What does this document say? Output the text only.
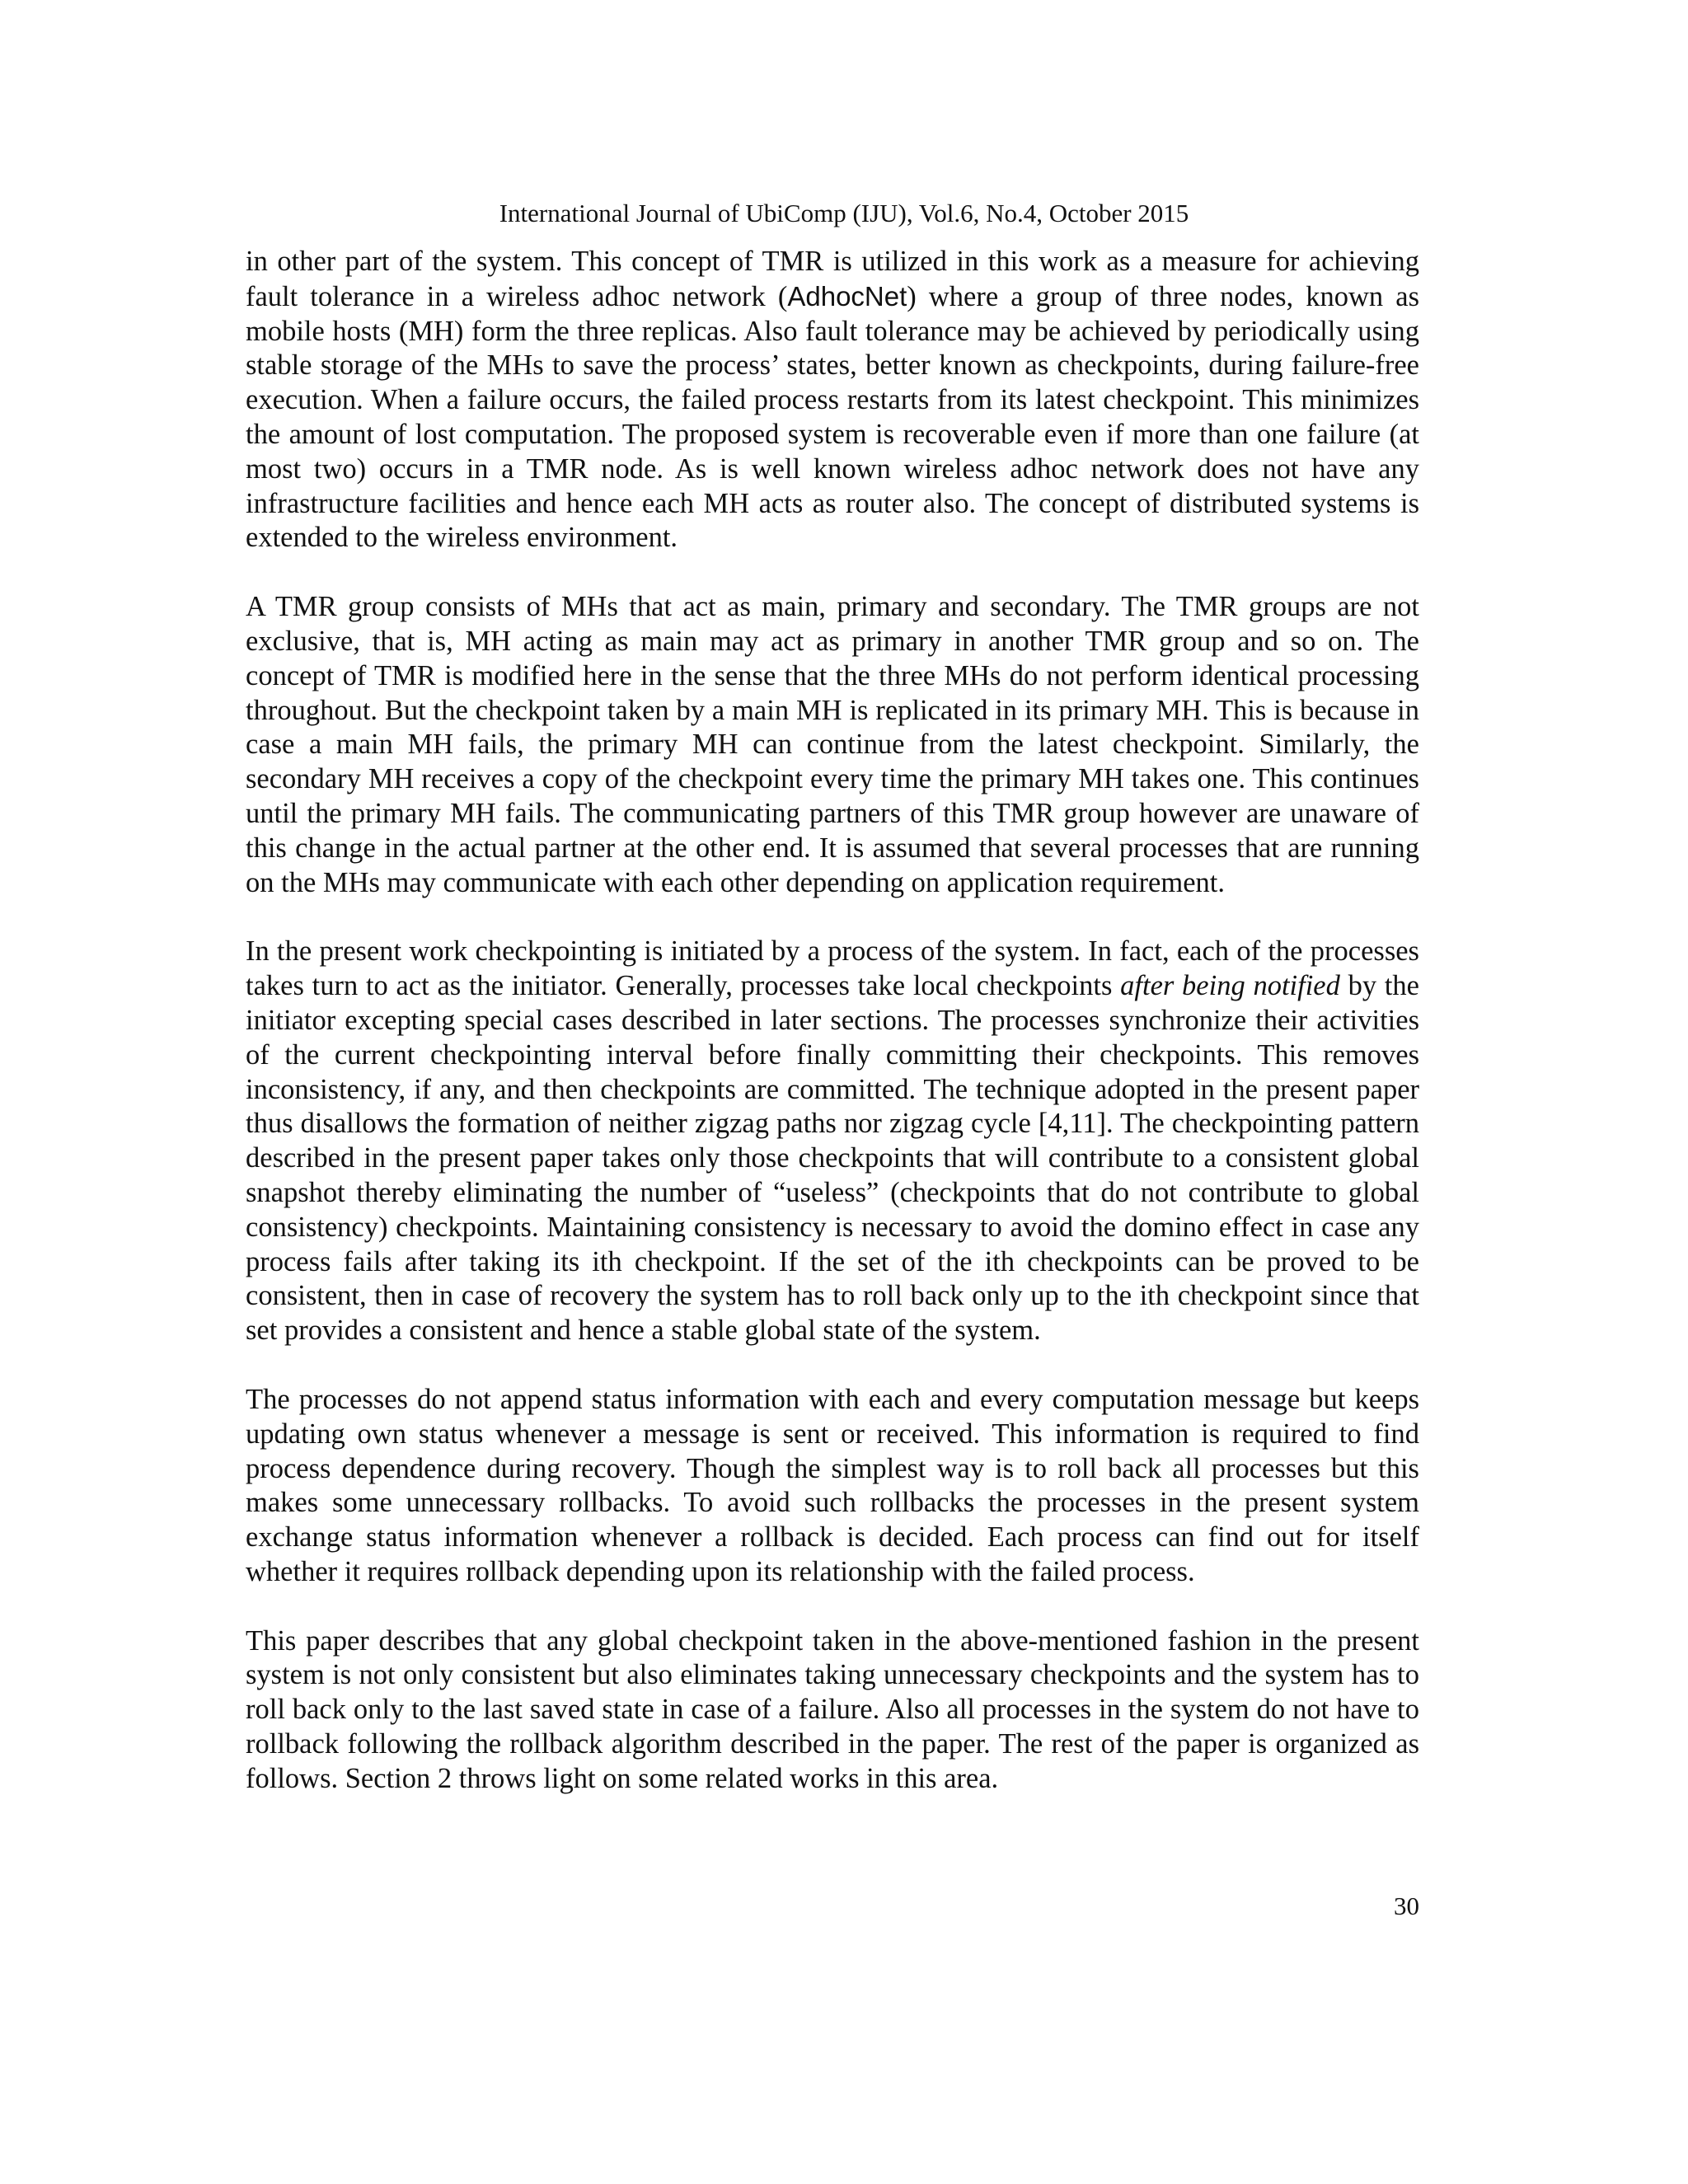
International Journal of UbiComp (IJU), Vol.6, No.4, October 2015

in other part of the system. This concept of TMR is utilized in this work as a measure for achieving fault tolerance in a wireless adhoc network (AdhocNet) where a group of three nodes, known as mobile hosts (MH) form the three replicas. Also fault tolerance may be achieved by periodically using stable storage of the MHs to save the process’ states, better known as checkpoints, during failure-free execution. When a failure occurs, the failed process restarts from its latest checkpoint. This minimizes the amount of lost computation. The proposed system is recoverable even if more than one failure (at most two) occurs in a TMR node. As is well known wireless adhoc network does not have any infrastructure facilities and hence each MH acts as router also. The concept of distributed systems is extended to the wireless environment.

A TMR group consists of MHs that act as main, primary and secondary. The TMR groups are not exclusive, that is, MH acting as main may act as primary in another TMR group and so on. The concept of TMR is modified here in the sense that the three MHs do not perform identical processing throughout. But the checkpoint taken by a main MH is replicated in its primary MH. This is because in case a main MH fails, the primary MH can continue from the latest checkpoint. Similarly, the secondary MH receives a copy of the checkpoint every time the primary MH takes one. This continues until the primary MH fails. The communicating partners of this TMR group however are unaware of this change in the actual partner at the other end. It is assumed that several processes that are running on the MHs may communicate with each other depending on application requirement.

In the present work checkpointing is initiated by a process of the system. In fact, each of the processes takes turn to act as the initiator. Generally, processes take local checkpoints after being notified by the initiator excepting special cases described in later sections. The processes synchronize their activities of the current checkpointing interval before finally committing their checkpoints. This removes inconsistency, if any, and then checkpoints are committed. The technique adopted in the present paper thus disallows the formation of neither zigzag paths nor zigzag cycle [4,11]. The checkpointing pattern described in the present paper takes only those checkpoints that will contribute to a consistent global snapshot thereby eliminating the number of “useless” (checkpoints that do not contribute to global consistency) checkpoints. Maintaining consistency is necessary to avoid the domino effect in case any process fails after taking its ith checkpoint. If the set of the ith checkpoints can be proved to be consistent, then in case of recovery the system has to roll back only up to the ith checkpoint since that set provides a consistent and hence a stable global state of the system.

The processes do not append status information with each and every computation message but keeps updating own status whenever a message is sent or received. This information is required to find process dependence during recovery. Though the simplest way is to roll back all processes but this makes some unnecessary rollbacks. To avoid such rollbacks the processes in the present system exchange status information whenever a rollback is decided. Each process can find out for itself whether it requires rollback depending upon its relationship with the failed process.

This paper describes that any global checkpoint taken in the above-mentioned fashion in the present system is not only consistent but also eliminates taking unnecessary checkpoints and the system has to roll back only to the last saved state in case of a failure. Also all processes in the system do not have to rollback following the rollback algorithm described in the paper. The rest of the paper is organized as follows. Section 2 throws light on some related works in this area.

30
